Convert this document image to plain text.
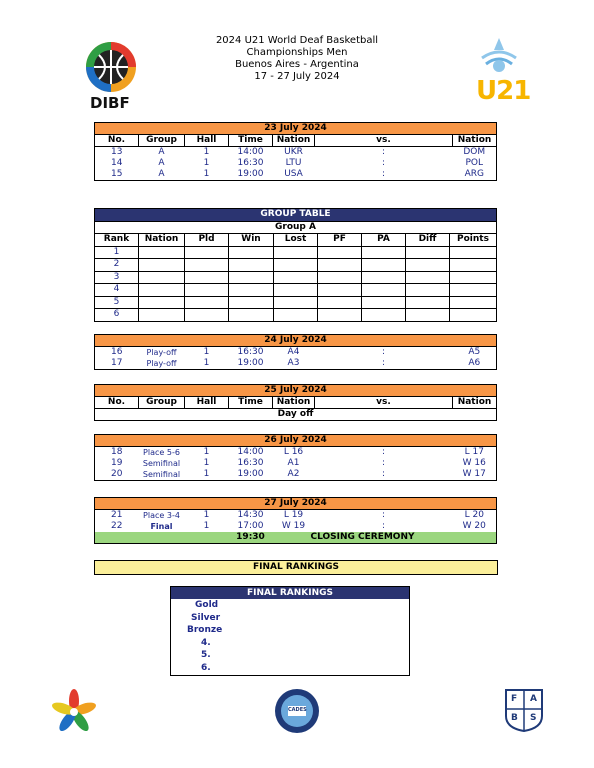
DIBF
2024 U21 World Deaf Basketball
Championships Men
Buenos Aires - Argentina
17 - 27 July 2024	U21
23 July 2024						
No.	Group	Hall	Time	Nation	vs.	Nation
13	A	1	14:00	UKR	:	DOM
14	A	1	16:30	LTU	:	POL
15	A	1	19:00	USA	:	ARG
GROUP TABLE								
Group A								
Rank	Nation	Pld	Win	Lost	PF	PA	Diff	Points
1								
2								
3								
4								
5								
6								
24 July 2024						
16	Play-off	1	16:30	A4	:	A5
17	Play-off	1	19:00	A3	:	A6
25 July 2024
No.	Group	Hall	Time	Nation	vs.	Nation
Day off
26 July 2024						
18	Place 5-6	1	14:00	L 16	:	L 17
19	Semifinal	1	16:30	A1	:	W 16
20	Semifinal	1	19:00	A2	:	W 17
27 July 2024						
21	Place 3-4	1	14:30	L 19	:	L 20
22	Final	1	17:00	W 19	:	W 20
			19:30	CLOSING CEREMONY		
FINAL RANKINGS
FINAL RANKINGS
Gold
Silver
Bronze
4.
5.
6.
CADES
F A
B S
